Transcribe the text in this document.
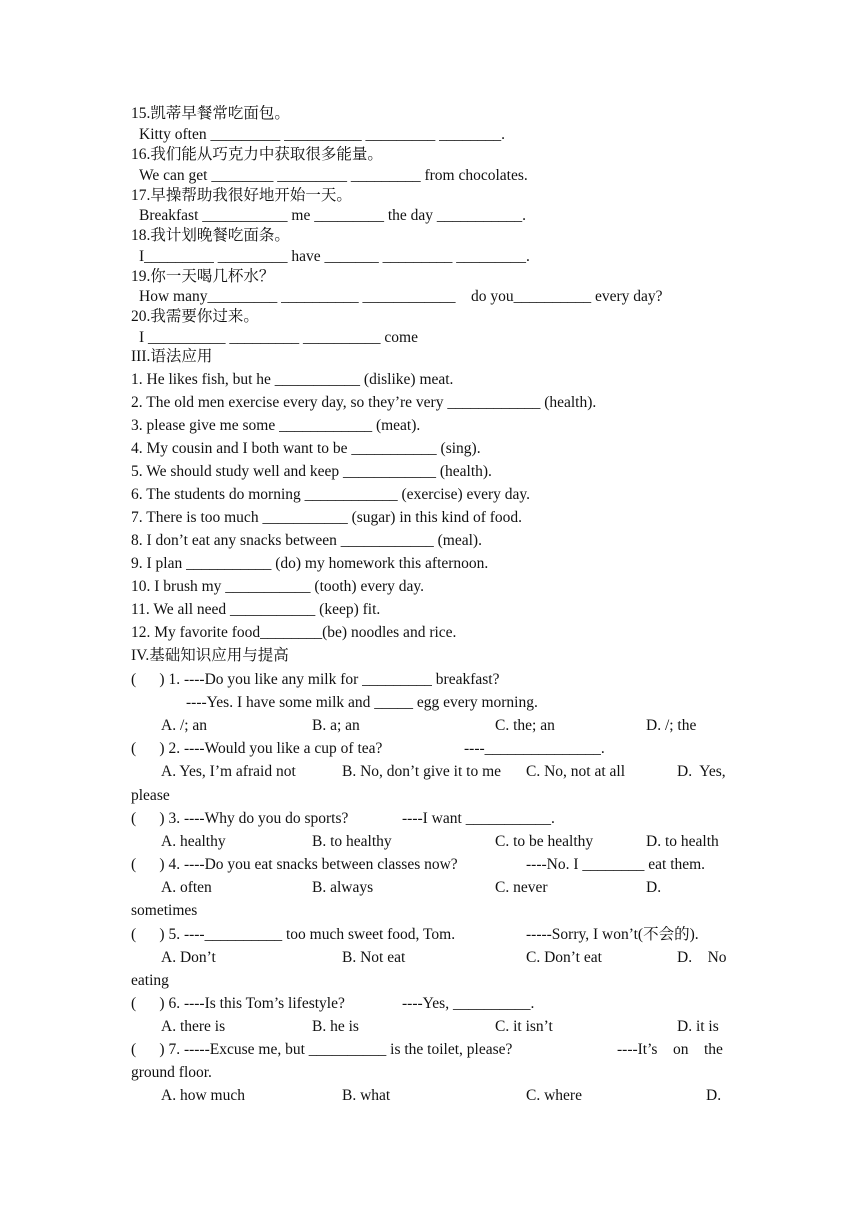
15.凯蒂早餐常吃面包。
Kitty often _________ __________ _________ ________.
16.我们能从巧克力中获取很多能量。
We can get ________ _________ _________ from chocolates.
17.早操帮助我很好地开始一天。
Breakfast ___________ me _________ the day ___________.
18.我计划晚餐吃面条。
I_________ _________ have _______ _________ _________.
19.你一天喝几杯水？
How many_________ __________ ____________    do you__________ every day?
20.我需要你过来。
I __________ _________ __________ come
III.语法应用
1. He likes fish, but he ___________ (dislike) meat.
2. The old men exercise every day, so they’re very ____________ (health).
3. please give me some ____________ (meat).
4. My cousin and I both want to be ___________ (sing).
5. We should study well and keep ____________ (health).
6. The students do morning ____________ (exercise) every day.
7. There is too much ___________ (sugar) in this kind of food.
8. I don’t eat any snacks between ____________ (meal).
9. I plan ___________ (do) my homework this afternoon.
10. I brush my ___________ (tooth) every day.
11. We all need ___________ (keep) fit.
12. My favorite food________(be) noodles and rice.
IV.基础知识应用与提高
(      ) 1. ----Do you like any milk for _________ breakfast?
----Yes. I have some milk and _____ egg every morning.
A. /; an	B. a; an	C. the; an	D. /; the
(      ) 2. ----Would you like a cup of tea?	----_______________.
A. Yes, I’m afraid not	B. No, don’t give it to me C. No, not at all	D.  Yes,
please
(      ) 3. ----Why do you do sports?	----I want ___________.
A. healthy	B. to healthy	C. to be healthy	D. to health
(      ) 4. ----Do you eat snacks between classes now?	----No. I ________ eat them.
A. often	B. always	C. never	D.
sometimes
(      ) 5. ----__________ too much sweet food, Tom.	-----Sorry, I won’t(不会的).
A. Don’t	B. Not eat	C. Don’t eat	D.    No
eating
(      ) 6. ----Is this Tom’s lifestyle?	----Yes, __________.
A. there is	B. he is	C. it isn’t	D. it is
(      ) 7. -----Excuse me, but __________ is the toilet, please?	----It’s    on    the
ground floor.
A. how much	B. what	C. where	D.
